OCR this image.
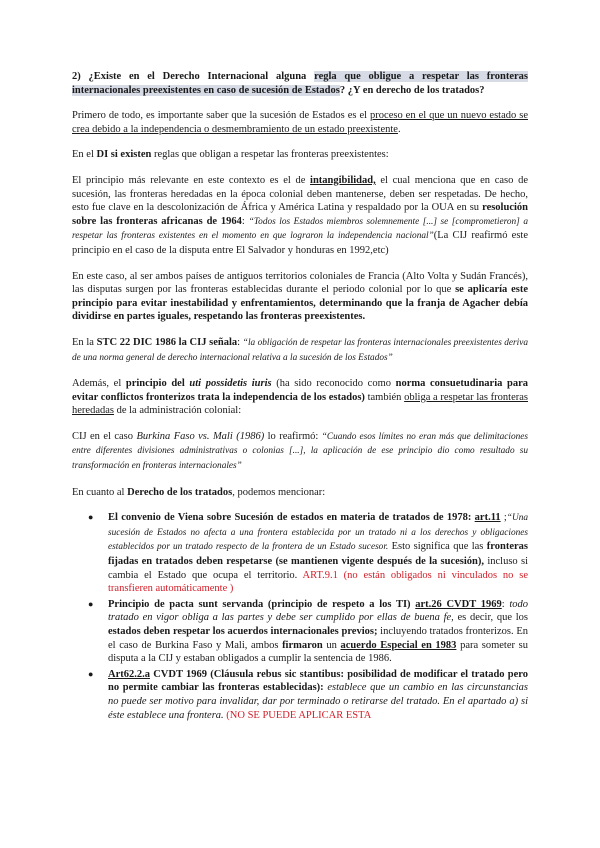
2) ¿Existe en el Derecho Internacional alguna regla que obligue a respetar las fronteras internacionales preexistentes en caso de sucesión de Estados? ¿Y en derecho de los tratados?

Primero de todo, es importante saber que la sucesión de Estados es el proceso en el que un nuevo estado se crea debido a la independencia o desmembramiento de un estado preexistente.

En el DI si existen reglas que obligan a respetar las fronteras preexistentes:

El principio más relevante en este contexto es el de intangibilidad, el cual menciona que en caso de sucesión, las fronteras heredadas en la época colonial deben mantenerse, deben ser respetadas. De hecho, esto fue clave en la descolonización de África y América Latina y respaldado por la OUA en su resolución sobre las fronteras africanas de 1964: “Todos los Estados miembros solemnemente [...] se [comprometieron] a respetar las fronteras existentes en el momento en que lograron la independencia nacional”(La CIJ reafirmó este principio en el caso de la disputa entre El Salvador y honduras en 1992,etc)

En este caso, al ser ambos países de antiguos territorios coloniales de Francia (Alto Volta y Sudán Francés), las disputas surgen por las fronteras establecidas durante el periodo colonial por lo que se aplicaría este principio para evitar inestabilidad y enfrentamientos, determinando que la franja de Agacher debía dividirse en partes iguales, respetando las fronteras preexistentes.

En la STC 22 DIC 1986 la CIJ señala: “la obligación de respetar las fronteras internacionales preexistentes deriva de una norma general de derecho internacional relativa a la sucesión de los Estados”

Además, el principio del uti possidetis iuris (ha sido reconocido como norma consuetudinaria para evitar conflictos fronterizos trata la independencia de los estados) también obliga a respetar las fronteras heredadas de la administración colonial:

CIJ en el caso Burkina Faso vs. Mali (1986) lo reafirmó: “Cuando esos límites no eran más que delimitaciones entre diferentes divisiones administrativas o colonias [...], la aplicación de ese principio dio como resultado su transformación en fronteras internacionales”

En cuanto al Derecho de los tratados, podemos mencionar:

● El convenio de Viena sobre Sucesión de estados en materia de tratados de 1978: art.11 ;“Una sucesión de Estados no afecta a una frontera establecida por un tratado ni a los derechos y obligaciones establecidos por un tratado respecto de la frontera de un Estado sucesor. Esto significa que las fronteras fijadas en tratados deben respetarse (se mantienen vigente después de la sucesión), incluso si cambia el Estado que ocupa el territorio. ART.9.1 (no están obligados ni vinculados no se transfieren automáticamente )
● Principio de pacta sunt servanda (principio de respeto a los TI) art.26 CVDT 1969: todo tratado en vigor obliga a las partes y debe ser cumplido por ellas de buena fe, es decir, que los estados deben respetar los acuerdos internacionales previos; incluyendo tratados fronterizos. En el caso de Burkina Faso y Mali, ambos firmaron un acuerdo Especial en 1983 para someter su disputa a la CIJ y estaban obligados a cumplir la sentencia de 1986.
● Art62.2.a CVDT 1969 (Cláusula rebus sic stantibus: posibilidad de modificar el tratado pero no permite cambiar las fronteras establecidas): establece que un cambio en las circunstancias no puede ser motivo para invalidar, dar por terminado o retirarse del tratado. En el apartado a) si éste establece una frontera. (NO SE PUEDE APLICAR ESTA
